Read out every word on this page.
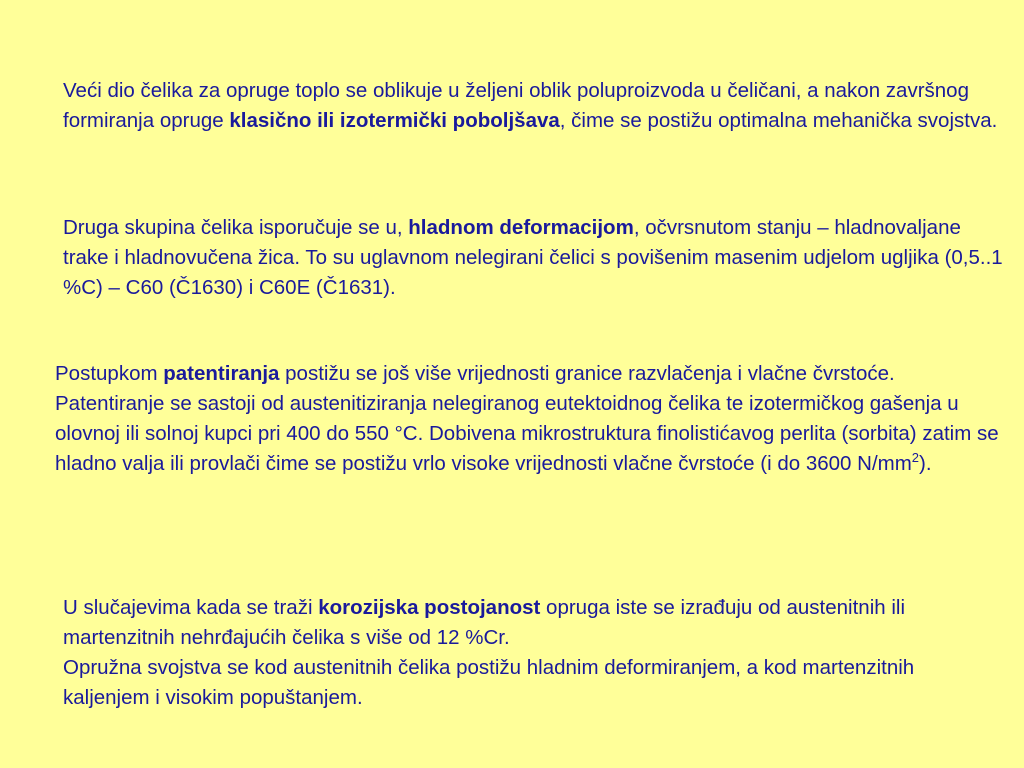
Veći dio čelika za opruge toplo se oblikuje u željeni oblik poluproizvoda u čeličani, a nakon završnog formiranja opruge klasično ili izotermički poboljšava, čime se postižu optimalna mehanička svojstva.

Druga skupina čelika isporučuje se u, hladnom deformacijom, očvrsnutom stanju – hladnovaljane trake i hladnovučena žica. To su uglavnom nelegirani čelici s povišenim masenim udjelom ugljika (0,5..1 %C) – C60 (Č1630) i C60E (Č1631).

Postupkom patentiranja postižu se još više vrijednosti granice razvlačenja i vlačne čvrstoće.
Patentiranje se sastoji od austenitiziranja nelegiranog eutektoidnog čelika te izotermičkog gašenja u olovnoj ili solnoj kupci pri 400 do 550 °C. Dobivena mikrostruktura finolistićavog perlita (sorbita) zatim se hladno valja ili provlači čime se postižu vrlo visoke vrijednosti vlačne čvrstoće (i do 3600 $N/mm^2$).

U slučajevima kada se traži korozijska postojanost opruga iste se izrađuju od austenitnih ili martenzitnih nehrđajućih čelika s više od 12 %Cr.
Opružna svojstva se kod austenitnih čelika postižu hladnim deformiranjem, a kod martenzitnih kaljenjem i visokim popuštanjem.
